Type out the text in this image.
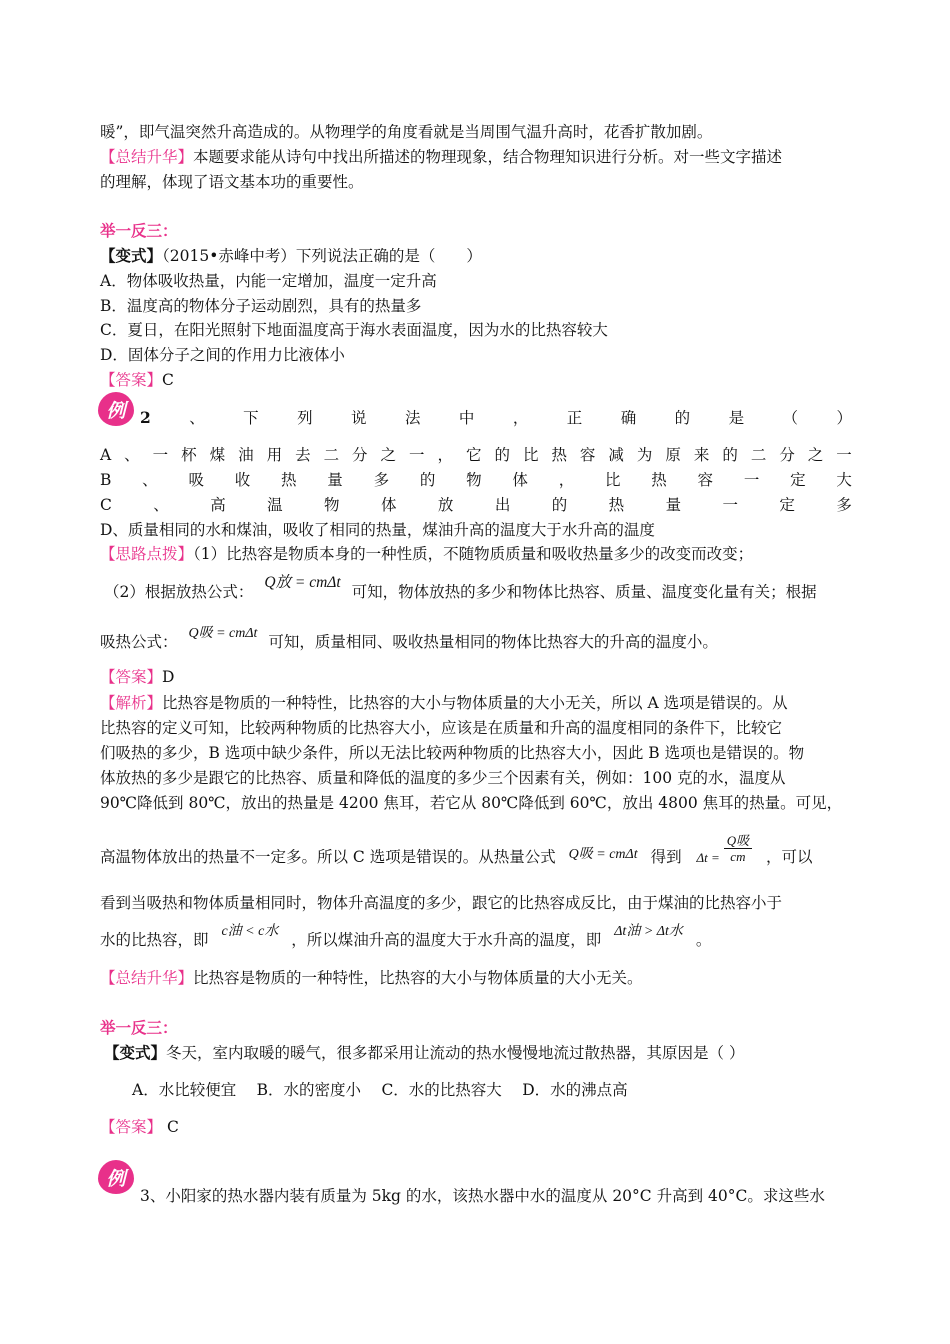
暖”，即气温突然升高造成的。从物理学的角度看就是当周围气温升高时，花香扩散加剧。
【总结升华】本题要求能从诗句中找出所描述的物理现象，结合物理知识进行分析。对一些文字描述
的理解，体现了语文基本功的重要性。
举一反三：
【变式】（2015•赤峰中考）下列说法正确的是（　　）
A．物体吸收热量，内能一定增加，温度一定升高
B．温度高的物体分子运动剧烈，具有的热量多
C．夏日，在阳光照射下地面温度高于海水表面温度，因为水的比热容较大
D．固体分子之间的作用力比液体小
【答案】C
例 2 、 下 列 说 法 中 ， 正 确 的 是 （ ）
A 、 一 杯 煤 油 用 去 二 分 之 一 ， 它 的 比 热 容 减 为 原 来 的 二 分 之 一
B 、 吸 收 热 量 多 的 物 体 ， 比 热 容 一 定 大
C	、	高	温	物	体	放	出	的	热	量	一	定	多
D、质量相同的水和煤油，吸收了相同的热量，煤油升高的温度大于水升高的温度
【思路点拨】（1）比热容是物质本身的一种性质，不随物质质量和吸收热量多少的改变而改变；
（2）根据放热公式： Q放 = cmΔt 可知，物体放热的多少和物体比热容、质量、温度变化量有关；根据
吸热公式： Q吸 = cmΔt 可知，质量相同、吸收热量相同的物体比热容大的升高的温度小。
【答案】D
【解析】比热容是物质的一种特性，比热容的大小与物体质量的大小无关，所以 A 选项是错误的。从
比热容的定义可知，比较两种物质的比热容大小，应该是在质量和升高的温度相同的条件下，比较它
们吸热的多少，B 选项中缺少条件，所以无法比较两种物质的比热容大小，因此 B 选项也是错误的。物
体放热的多少是跟它的比热容、质量和降低的温度的多少三个因素有关，例如：100 克的水，温度从
90℃降低到 80℃，放出的热量是 4200 焦耳，若它从 80℃降低到 60℃，放出 4800 焦耳的热量。可见，
高温物体放出的热量不一定多。所以 C 选项是错误的。从热量公式 Q吸 = cmΔt 得到 $\Delta t = \frac{\text{Q吸}}{cm}$ ，可以
看到当吸热和物体质量相同时，物体升高温度的多少，跟它的比热容成反比，由于煤油的比热容小于
水的比热容，即 c油 < c水 ，所以煤油升高的温度大于水升高的温度，即 Δt油 > Δt水 。
【总结升华】比热容是物质的一种特性，比热容的大小与物体质量的大小无关。
举一反三：
【变式】冬天，室内取暖的暖气，很多都采用让流动的热水慢慢地流过散热器，其原因是（ ）
A．水比较便宜　 B．水的密度小　 C．水的比热容大　 D．水的沸点高
【答案】 C
例
3、小阳家的热水器内装有质量为 5kg 的水，该热水器中水的温度从 20°C 升高到 40°C。求这些水
